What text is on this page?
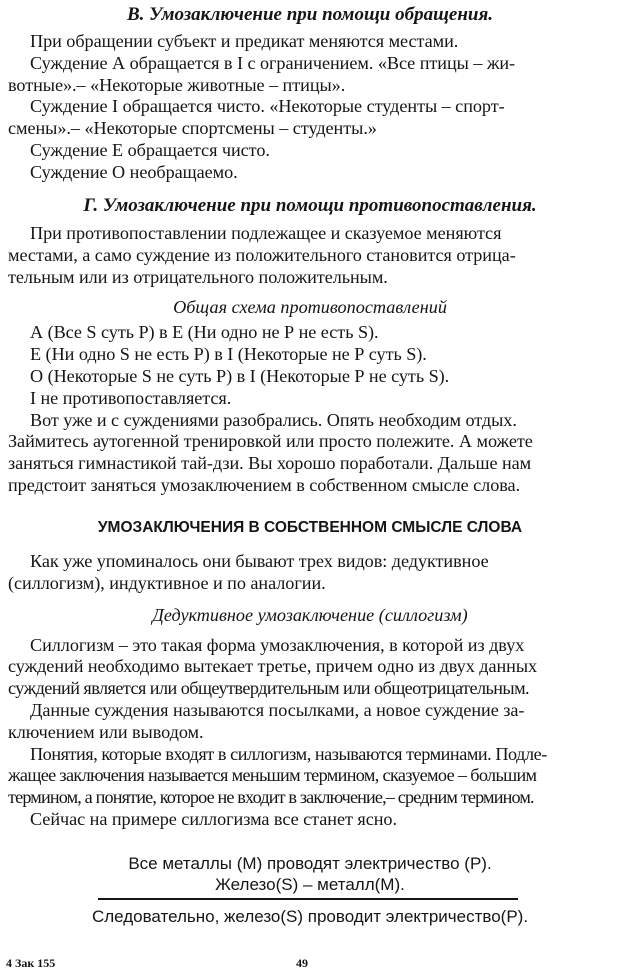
В. Умозаключение при помощи обращения.
При обращении субъект и предикат меняются местами.
Суждение А обращается в I с ограничением. «Все птицы – жи-
вотные».– «Некоторые животные – птицы».
Суждение I обращается чисто. «Некоторые студенты – спорт-
смены».– «Некоторые спортсмены – студенты.»
Суждение Е обращается чисто.
Суждение О необращаемо.
Г. Умозаключение при помощи противопоставления.
При противопоставлении подлежащее и сказуемое меняются
местами, а само суждение из положительного становится отрица-
тельным или из отрицательного положительным.
Общая схема противопоставлений
А (Все S суть Р) в Е (Ни одно не Р не есть S).
Е (Ни одно S не есть Р) в I (Некоторые не Р суть S).
О (Некоторые S не суть Р) в I (Некоторые Р не суть S).
I не противопоставляется.
Вот уже и с суждениями разобрались. Опять необходим отдых.
Займитесь аутогенной тренировкой или просто полежите. А можете
заняться гимнастикой тай-дзи. Вы хорошо поработали. Дальше нам
предстоит заняться умозаключением в собственном смысле слова.
УМОЗАКЛЮЧЕНИЯ В СОБСТВЕННОМ СМЫСЛЕ СЛОВА
Как уже упоминалось они бывают трех видов: дедуктивное
(силлогизм), индуктивное и по аналогии.
Дедуктивное умозаключение (силлогизм)
Силлогизм – это такая форма умозаключения, в которой из двух
суждений необходимо вытекает третье, причем одно из двух данных
суждений является или общеутвердительным или общеотрицательным.
Данные суждения называются посылками, а новое суждение за-
ключением или выводом.
Понятия, которые входят в силлогизм, называются терминами. Подле-
жащее заключения называется меньшим термином, сказуемое – большим
термином, а понятие, которое не входит в заключение,– средним термином.
Сейчас на примере силлогизма все станет ясно.
Все металлы (М) проводят электричество (Р).
Железо(S) – металл(М).
Следовательно, железо(S) проводит электричество(Р).
4 Зак 155	49
